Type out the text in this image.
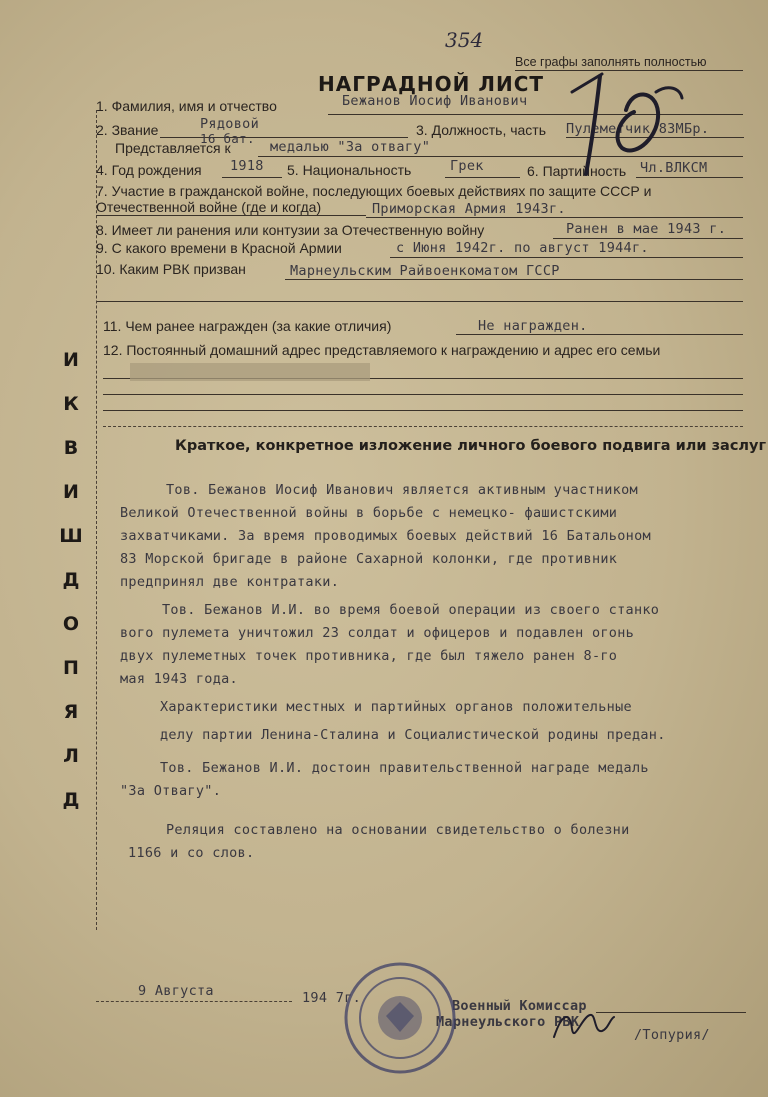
354
Все графы заполнять полностью
НАГРАДНОЙ ЛИСТ
1. Фамилия, имя и отчество	Бежанов Иосиф Иванович
2. Звание	Рядовой	3. Должность, часть Пулеметчик 83МБр.
16 бат.
Представляется к	медалью "За отвагу"
4. Год рождения 1918 5. Национальность	Грек	6. Партийность Чл.ВЛКСМ
7. Участие в гражданской войне, последующих боевых действиях по защите СССР и
Отечественной войне (где и когда)	Приморская Армия 1943г.
8. Имеет ли ранения или контузии за Отечественную войну	Ранен в мае 1943 г.
9. С какого времени в Красной Армии	с Июня 1942г. по август 1944г.
10. Каким РВК призван	Марнеульским Райвоенкоматом ГССР
11. Чем ранее награжден (за какие отличия)	Не награжден.
12. Постоянный домашний адрес представляемого к награждению и адрес его семьи
И
К
В
И
Ш
Д
О
П
Я
Л
Д
Краткое, конкретное изложение личного боевого подвига или заслуг
Тов. Бежанов Иосиф Иванович является активным участником
Великой Отечественной войны в борьбе с немецко- фашистскими
захватчиками. За время проводимых боевых действий 16 Батальоном
83 Морской бригаде в районе Сахарной колонки, где противник
предпринял две контратаки.
Тов. Бежанов И.И. во время боевой операции из своего станко
вого пулемета уничтожил 23 солдат и офицеров и подавлен огонь
двух пулеметных точек противника, где был тяжело ранен 8-го
мая 1943 года.
Характеристики местных и партийных органов положительные
делу партии Ленина-Сталина и Социалистической родины предан.
Тов. Бежанов И.И. достоин правительственной награде медаль
"За Отвагу".
Реляция составлено на основании свидетельство о болезни
1166 и со слов.
9 Августа	194 7г.	Военный Комиссар
Марнеульского РВК
/Топурия/
